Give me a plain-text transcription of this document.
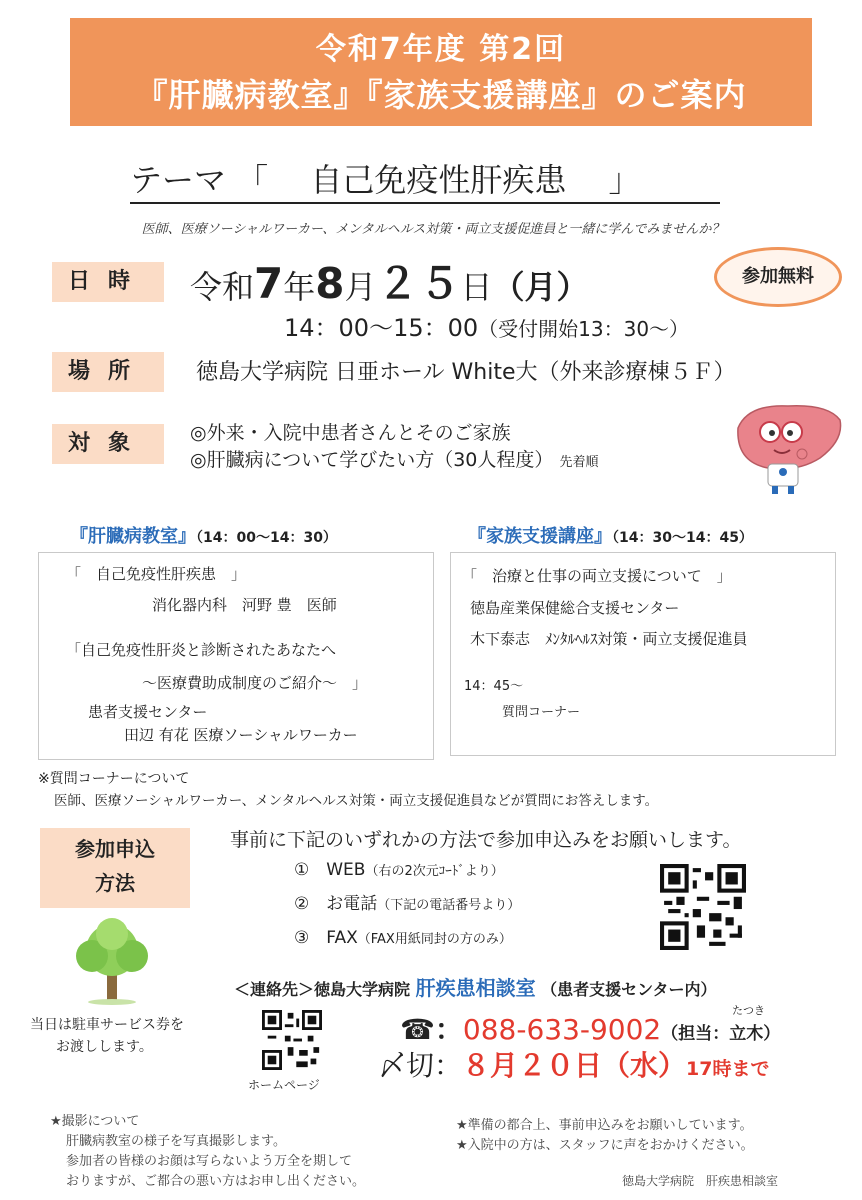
令和7年度 第2回
『肝臓病教室』『家族支援講座』のご案内
テーマ 「　 自己免疫性肝疾患　 」
医師、医療ソーシャルワーカー、メンタルヘルス対策・両立支援促進員と一緒に学んでみませんか？
日時	令和7年8月２５日（月）
14：00〜15：00（受付開始13：30〜）
参加無料
場所	徳島大学病院 日亜ホール White大（外来診療棟５Ｆ）
対象	◎外来・入院中患者さんとそのご家族
◎肝臓病について学びたい方（30人程度） 先着順
『肝臓病教室』（14：00〜14：30）
「　自己免疫性肝疾患　」
消化器内科　河野 豊　医師
「自己免疫性肝炎と診断されたあなたへ
〜医療費助成制度のご紹介〜　」
患者支援センター
田辺 有花 医療ソーシャルワーカー
『家族支援講座』（14：30〜14：45）
「　治療と仕事の両立支援について　」
徳島産業保健総合支援センター
木下泰志　ﾒﾝﾀﾙﾍﾙｽ対策・両立支援促進員
14：45〜
質問コーナー
※質問コーナーについて
医師、医療ソーシャルワーカー、メンタルヘルス対策・両立支援促進員などが質問にお答えします。
参加申込
方法
事前に下記のいずれかの方法で参加申込みをお願いします。
①　 WEB（右の2次元ｺｰﾄﾞより）
②　 お電話（下記の電話番号より）
③　 FAX（FAX用紙同封の方のみ）
当日は駐車サービス券を
お渡しします。
＜連絡先＞徳島大学病院 肝疾患相談室 （患者支援センター内）
たつき
☎：088-633-9002（担当：立木）
〆切：８月２０日（水）17時まで
ホームページ
★撮影について
肝臓病教室の様子を写真撮影します。
参加者の皆様のお顔は写らないよう万全を期して
おりますが、ご都合の悪い方はお申し出ください。
★準備の都合上、事前申込みをお願いしています。
★入院中の方は、スタッフに声をおかけください。
徳島大学病院　肝疾患相談室
